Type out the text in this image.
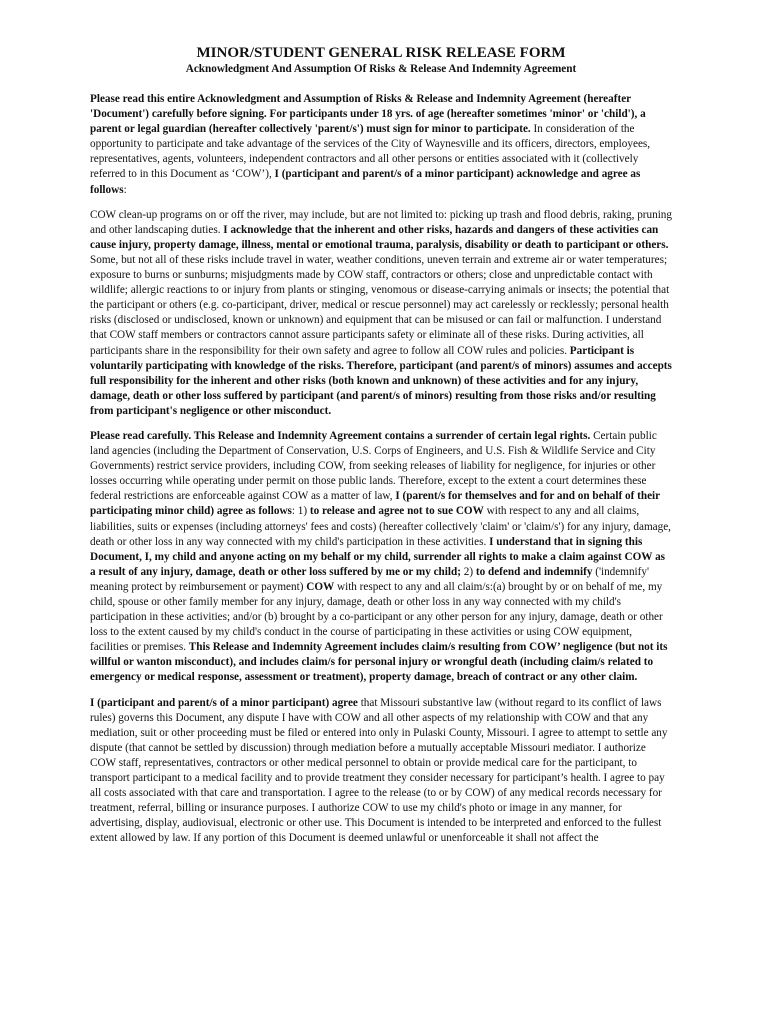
MINOR/STUDENT GENERAL RISK RELEASE FORM
Acknowledgment And Assumption Of Risks & Release And Indemnity Agreement

Please read this entire Acknowledgment and Assumption of Risks & Release and Indemnity Agreement (hereafter 'Document') carefully before signing. For participants under 18 yrs. of age (hereafter sometimes 'minor' or 'child'), a parent or legal guardian (hereafter collectively 'parent/s') must sign for minor to participate. In consideration of the opportunity to participate and take advantage of the services of the City of Waynesville and its officers, directors, employees, representatives, agents, volunteers, independent contractors and all other persons or entities associated with it (collectively referred to in this Document as ‘COW’), I (participant and parent/s of a minor participant) acknowledge and agree as follows:

COW clean-up programs on or off the river, may include, but are not limited to: picking up trash and flood debris, raking, pruning and other landscaping duties. I acknowledge that the inherent and other risks, hazards and dangers of these activities can cause injury, property damage, illness, mental or emotional trauma, paralysis, disability or death to participant or others. Some, but not all of these risks include travel in water, weather conditions, uneven terrain and extreme air or water temperatures; exposure to burns or sunburns; misjudgments made by COW staff, contractors or others; close and unpredictable contact with wildlife; allergic reactions to or injury from plants or stinging, venomous or disease-carrying animals or insects; the potential that the participant or others (e.g. co-participant, driver, medical or rescue personnel) may act carelessly or recklessly; personal health risks (disclosed or undisclosed, known or unknown) and equipment that can be misused or can fail or malfunction. I understand that COW staff members or contractors cannot assure participants safety or eliminate all of these risks. During activities, all participants share in the responsibility for their own safety and agree to follow all COW rules and policies. Participant is voluntarily participating with knowledge of the risks. Therefore, participant (and parent/s of minors) assumes and accepts full responsibility for the inherent and other risks (both known and unknown) of these activities and for any injury, damage, death or other loss suffered by participant (and parent/s of minors) resulting from those risks and/or resulting from participant's negligence or other misconduct.

Please read carefully. This Release and Indemnity Agreement contains a surrender of certain legal rights. Certain public land agencies (including the Department of Conservation, U.S. Corps of Engineers, and U.S. Fish & Wildlife Service and City Governments) restrict service providers, including COW, from seeking releases of liability for negligence, for injuries or other losses occurring while operating under permit on those public lands. Therefore, except to the extent a court determines these federal restrictions are enforceable against COW as a matter of law, I (parent/s for themselves and for and on behalf of their participating minor child) agree as follows: 1) to release and agree not to sue COW with respect to any and all claims, liabilities, suits or expenses (including attorneys' fees and costs) (hereafter collectively 'claim' or 'claim/s') for any injury, damage, death or other loss in any way connected with my child's participation in these activities. I understand that in signing this Document, I, my child and anyone acting on my behalf or my child, surrender all rights to make a claim against COW as a result of any injury, damage, death or other loss suffered by me or my child; 2) to defend and indemnify ('indemnify' meaning protect by reimbursement or payment) COW with respect to any and all claim/s:(a) brought by or on behalf of me, my child, spouse or other family member for any injury, damage, death or other loss in any way connected with my child's participation in these activities; and/or (b) brought by a co-participant or any other person for any injury, damage, death or other loss to the extent caused by my child's conduct in the course of participating in these activities or using COW equipment, facilities or premises. This Release and Indemnity Agreement includes claim/s resulting from COW’ negligence (but not its willful or wanton misconduct), and includes claim/s for personal injury or wrongful death (including claim/s related to emergency or medical response, assessment or treatment), property damage, breach of contract or any other claim.

I (participant and parent/s of a minor participant) agree that Missouri substantive law (without regard to its conflict of laws rules) governs this Document, any dispute I have with COW and all other aspects of my relationship with COW and that any mediation, suit or other proceeding must be filed or entered into only in Pulaski County, Missouri. I agree to attempt to settle any dispute (that cannot be settled by discussion) through mediation before a mutually acceptable Missouri mediator. I authorize COW staff, representatives, contractors or other medical personnel to obtain or provide medical care for the participant, to transport participant to a medical facility and to provide treatment they consider necessary for participant’s health. I agree to pay all costs associated with that care and transportation. I agree to the release (to or by COW) of any medical records necessary for treatment, referral, billing or insurance purposes. I authorize COW to use my child's photo or image in any manner, for advertising, display, audiovisual, electronic or other use. This Document is intended to be interpreted and enforced to the fullest extent allowed by law. If any portion of this Document is deemed unlawful or unenforceable it shall not affect the
